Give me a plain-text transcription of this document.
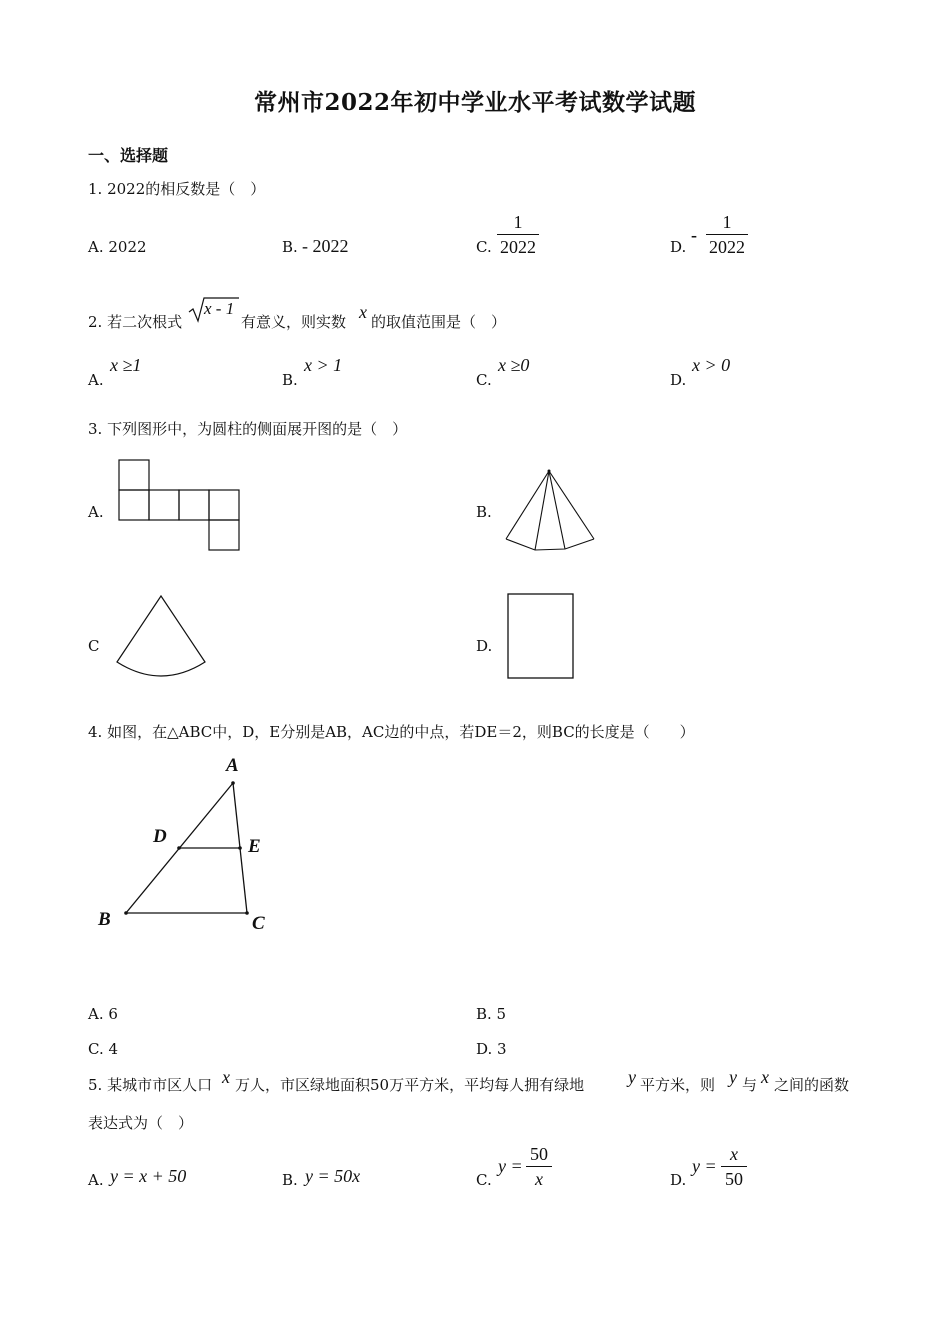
常州市2022年初中学业水平考试数学试题
一、选择题
1. 2022的相反数是（　）
A. 2022	B. - 2022	C.
1
2022	D.
-
1
2022
2. 若二次根式
x - 1
有意义，则实数 x 的取值范围是（　）
A.
x ≥1
B.
x > 1
C.
x ≥0
D.
x > 0
3. 下列图形中，为圆柱的侧面展开图的是（　）
A.	B.
C	D.
4. 如图，在△ABC中，D，E分别是AB，AC边的中点，若DE＝2，则BC的长度是（　　）
A
D	E
B	C
A. 6	B. 5
C. 4	D. 3
5. 某城市市区人口 x 万人，市区绿地面积50万平方米，平均每人拥有绿地 y 平方米，则 y 与 x 之间的函数
表达式为（　）
A. y = x + 50	B. y = 50x	C.
y =
50
x	D.
y =
x
50
